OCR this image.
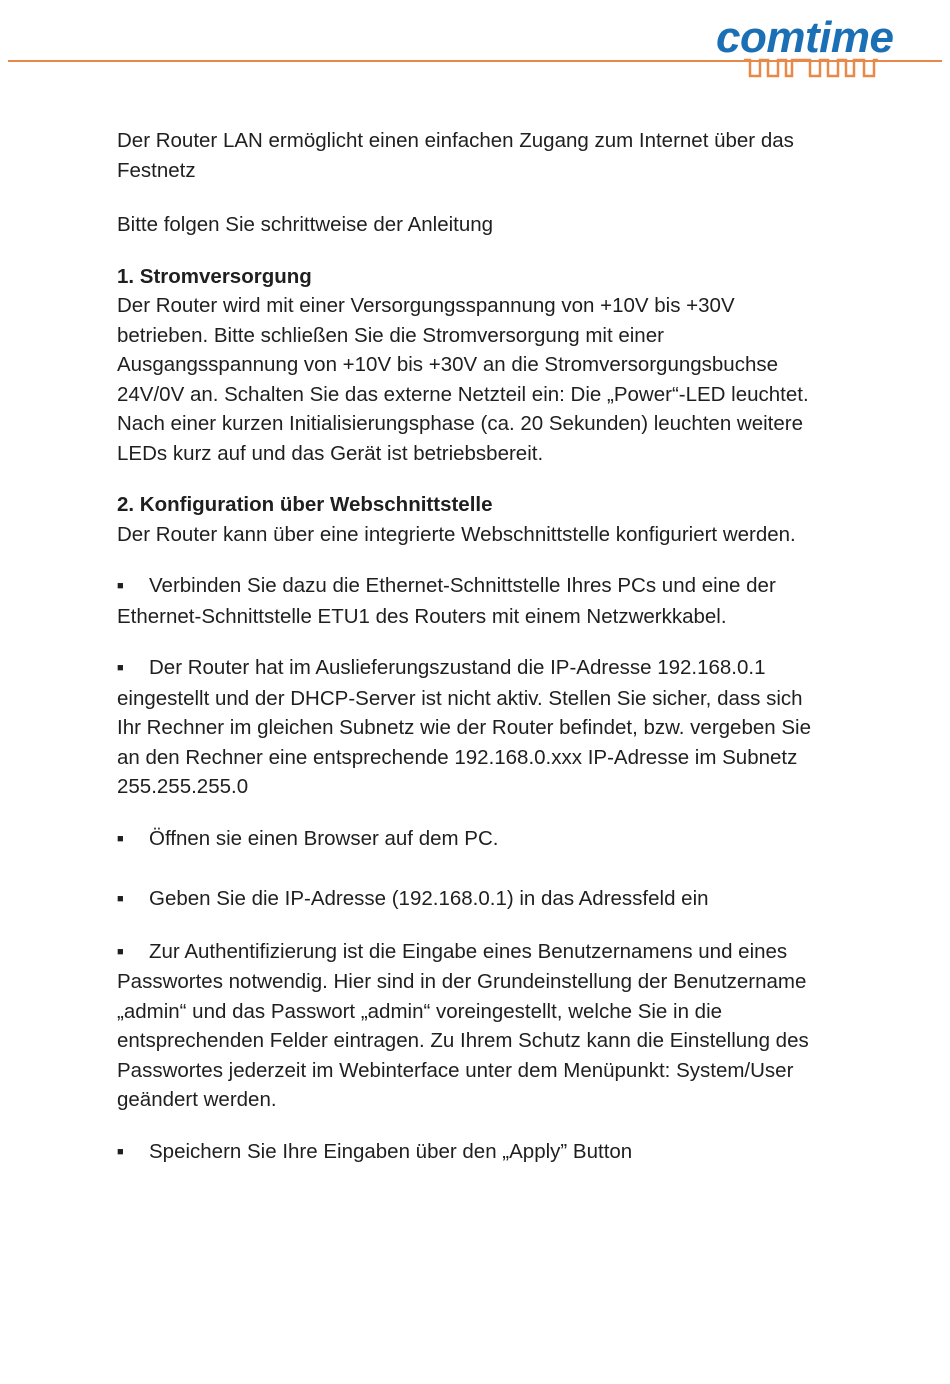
comtime

Der Router LAN ermöglicht einen einfachen Zugang zum Internet über das

Festnetz

Bitte folgen Sie schrittweise der Anleitung

1. Stromversorgung

Der Router wird mit einer Versorgungsspannung von +10V bis +30V

betrieben. Bitte schließen Sie die Stromversorgung mit einer

Ausgangsspannung von +10V bis +30V an die Stromversorgungsbuchse

24V/0V an. Schalten Sie das externe Netzteil ein: Die „Power“-LED leuchtet.

Nach einer kurzen Initialisierungsphase (ca. 20 Sekunden) leuchten weitere

LEDs kurz auf und das Gerät ist betriebsbereit.

2. Konfiguration über Webschnittstelle

Der Router kann über eine integrierte Webschnittstelle konfiguriert werden.

■ Verbinden Sie dazu die Ethernet-Schnittstelle Ihres PCs und eine der

Ethernet-Schnittstelle ETU1 des Routers mit einem Netzwerkkabel.

■ Der Router hat im Auslieferungszustand die IP-Adresse 192.168.0.1

eingestellt und der DHCP-Server ist nicht aktiv. Stellen Sie sicher, dass sich

Ihr Rechner im gleichen Subnetz wie der Router befindet, bzw. vergeben Sie

an den Rechner eine entsprechende 192.168.0.xxx IP-Adresse im Subnetz

255.255.255.0

■ Öffnen sie einen Browser auf dem PC.

■ Geben Sie die IP-Adresse (192.168.0.1) in das Adressfeld ein

■ Zur Authentifizierung ist die Eingabe eines Benutzernamens und eines

Passwortes notwendig. Hier sind in der Grundeinstellung der Benutzername

„admin“ und das Passwort „admin“ voreingestellt, welche Sie in die

entsprechenden Felder eintragen. Zu Ihrem Schutz kann die Einstellung des

Passwortes jederzeit im Webinterface unter dem Menüpunkt: System/User

geändert werden.

■ Speichern Sie Ihre Eingaben über den „Apply” Button
